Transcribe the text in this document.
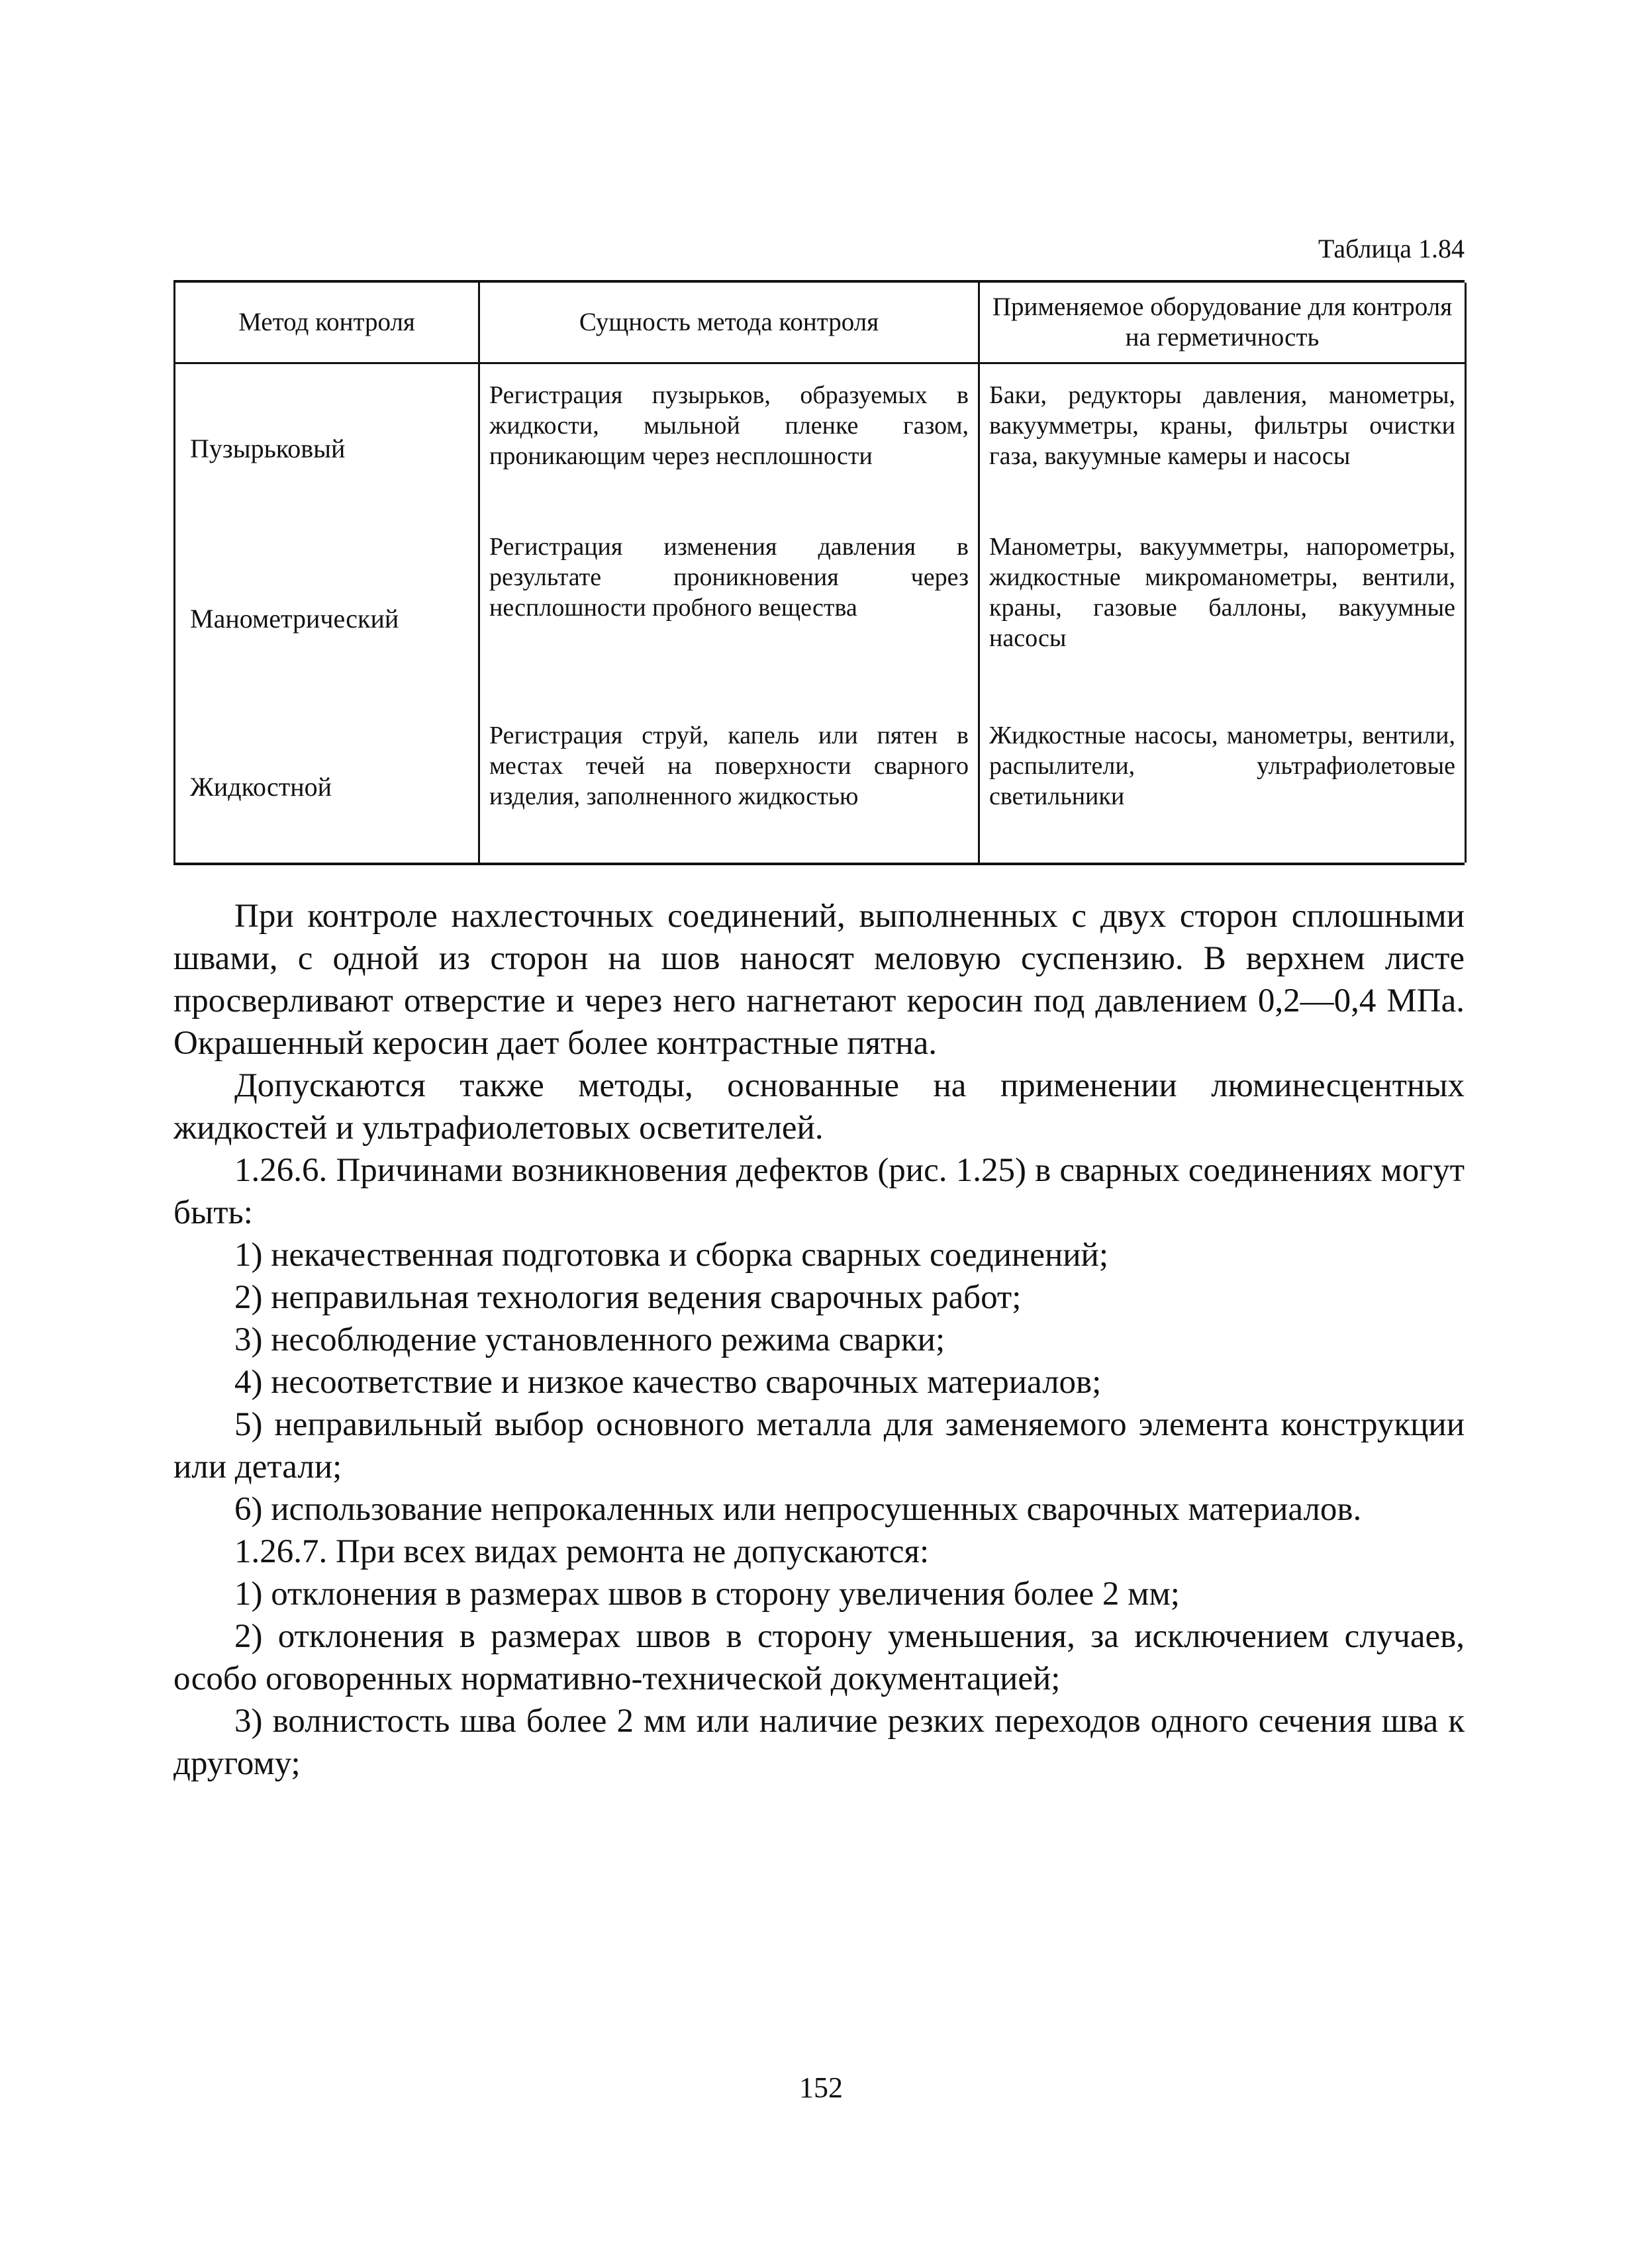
Таблица 1.84
Метод контроля	Сущность метода контроля	Применяемое оборудование для контроля на герметичность
Пузырьковый	Регистрация пузырьков, образуемых в жидкости, мыльной пленке газом, проникающим через несплошности	Баки, редукторы давления, манометры, вакуумметры, краны, фильтры очистки газа, вакуумные камеры и насосы
Манометрический	Регистрация изменения давления в результате проникновения через несплошности пробного вещества	Манометры, вакуумметры, напорометры, жидкостные микроманометры, вентили, краны, газовые баллоны, вакуумные насосы
Жидкостной	Регистрация струй, капель или пятен в местах течей на поверхности сварного изделия, заполненного жидкостью	Жидкостные насосы, манометры, вентили, распылители, ультрафиолетовые светильники

При контроле нахлесточных соединений, выполненных с двух сторон сплошными швами, с одной из сторон на шов наносят меловую суспензию. В верхнем листе просверливают отверстие и через него нагнетают керосин под давлением 0,2—0,4 МПа. Окрашенный керосин дает более контрастные пятна.

Допускаются также методы, основанные на применении люминесцентных жидкостей и ультрафиолетовых осветителей.

1.26.6. Причинами возникновения дефектов (рис. 1.25) в сварных соединениях могут быть:

1) некачественная подготовка и сборка сварных соединений;

2) неправильная технология ведения сварочных работ;

3) несоблюдение установленного режима сварки;

4) несоответствие и низкое качество сварочных материалов;

5) неправильный выбор основного металла для заменяемого элемента конструкции или детали;

6) использование непрокаленных или непросушенных сварочных материалов.

1.26.7. При всех видах ремонта не допускаются:

1) отклонения в размерах швов в сторону увеличения более 2 мм;

2) отклонения в размерах швов в сторону уменьшения, за исключением случаев, особо оговоренных нормативно-технической документацией;

3) волнистость шва более 2 мм или наличие резких переходов одного сечения шва к другому;

152
